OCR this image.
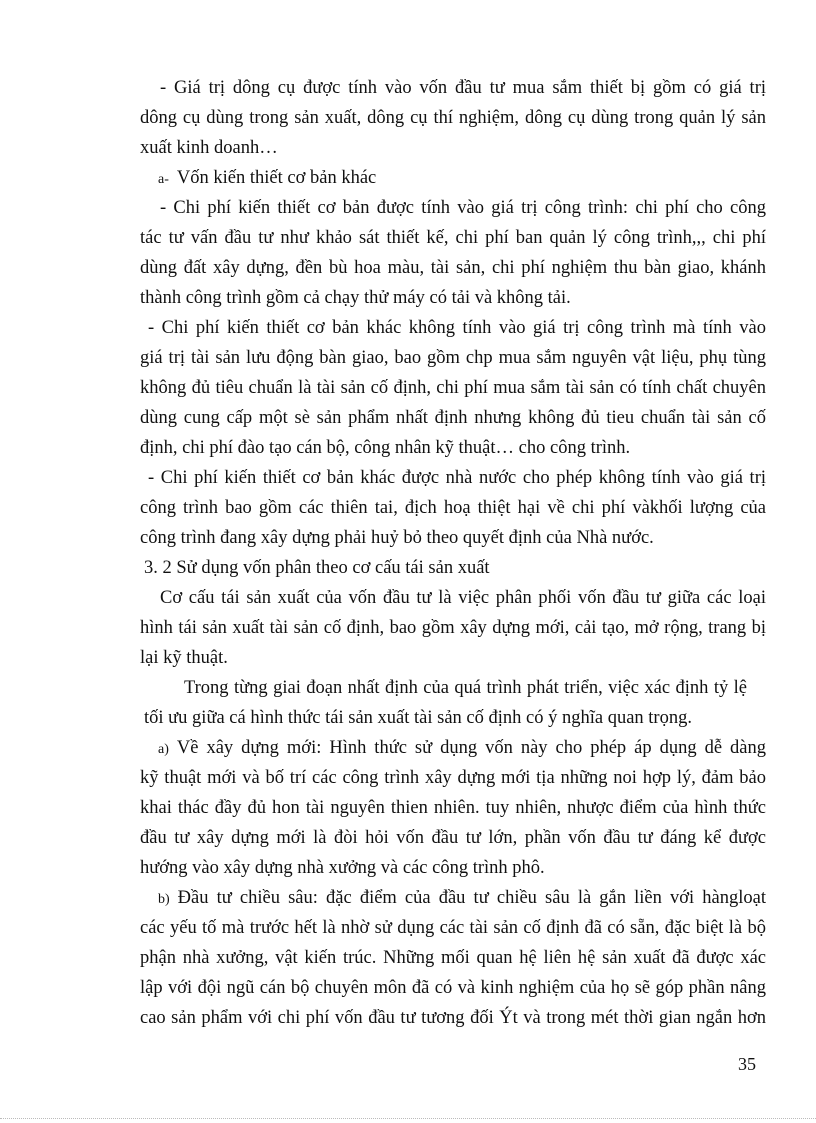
- Giá trị dông cụ được tính vào vốn đầu tư mua sắm thiết bị gồm có giá trị
dông cụ dùng trong sản xuất, dông cụ thí nghiệm, dông cụ dùng trong quản lý sản
xuất kinh doanh…
a- Vốn kiến thiết cơ bản khác
- Chi phí kiến thiết cơ bản được tính vào giá trị công trình: chi phí cho công
tác tư vấn đầu tư như khảo sát thiết kế, chi phí ban quản lý công trình,,, chi phí
dùng đất xây dựng, đền bù hoa màu, tài sản, chi phí nghiệm thu bàn giao, khánh
thành công trình gồm cả chạy thử máy có tải và không tải.
- Chi phí kiến thiết cơ bản khác không tính vào giá trị công trình mà tính vào
giá trị tài sản lưu động bàn giao, bao gồm chp mua sắm nguyên vật liệu, phụ tùng
không đủ tiêu chuẩn là tài sản cố định, chi phí mua sắm tài sản có tính chất chuyên
dùng cung cấp một sè sản phẩm nhất định nhưng không đủ tieu chuẩn tài sản cố
định, chi phí đào tạo cán bộ, công nhân kỹ thuật… cho công trình.
- Chi phí kiến thiết cơ bản khác được nhà nước cho phép không tính vào giá trị
công trình bao gồm các thiên tai, địch hoạ thiệt hại về chi phí vàkhối lượng của
công trình đang xây dựng phải huỷ bỏ theo quyết định của Nhà nước.
3. 2 Sử dụng vốn phân theo cơ cấu tái sản xuất
Cơ cấu tái sản xuất của vốn đầu tư là việc phân phối vốn đầu tư giữa các loại
hình tái sản xuất tài sản cố định, bao gồm xây dựng mới, cải tạo, mở rộng, trang bị
lại kỹ thuật.
Trong từng giai đoạn nhất định của quá trình phát triển, việc xác định tỷ lệ
tối ưu giữa cá hình thức tái sản xuất tài sản cố định có ý nghĩa quan trọng.
a) Về xây dựng mới: Hình thức sử dụng vốn này cho phép áp dụng dễ dàng
kỹ thuật mới và bố trí các công trình xây dựng mới tịa những noi hợp lý, đảm bảo
khai thác đầy đủ hon tài nguyên thien nhiên. tuy nhiên, nhược điểm của hình thức
đầu tư xây dựng mới là đòi hỏi vốn đầu tư lớn, phần vốn đầu tư đáng kể được
hướng vào xây dựng nhà xưởng và các công trình phô.
b) Đầu tư chiều sâu: đặc điểm của đầu tư chiều sâu là gắn liền với hàngloạt
các yếu tố mà trước hết là nhờ sử dụng các tài sản cố định đã có sẵn, đặc biệt là bộ
phận nhà xưởng, vật kiến trúc. Những mối quan hệ liên hệ sản xuất đã được xác
lập với đội ngũ cán bộ chuyên môn đã có và kinh nghiệm của họ sẽ góp phần nâng
cao sản phẩm với chi phí vốn đầu tư tương đối Ýt và trong mét thời gian ngắn hơn
35
